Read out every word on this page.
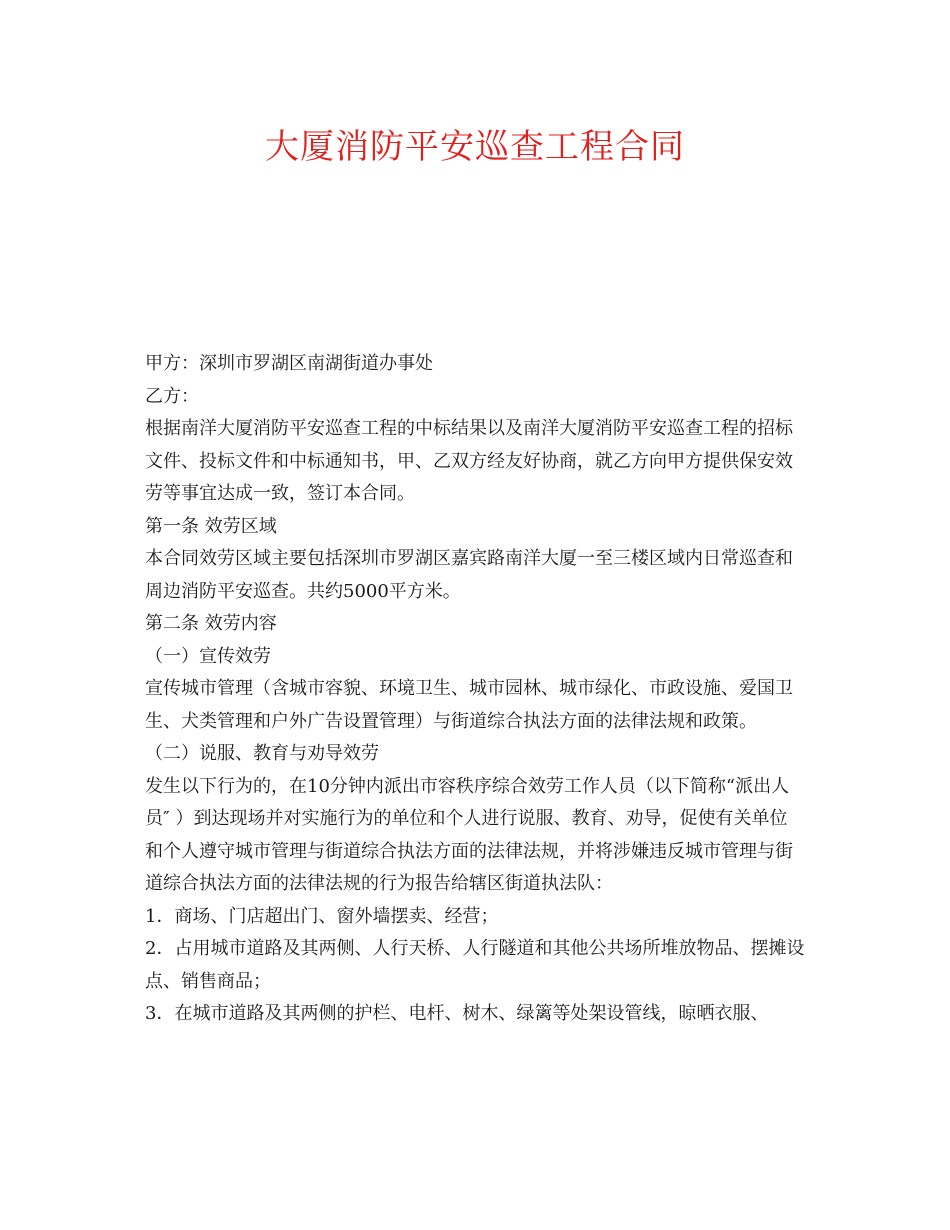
大厦消防平安巡查工程合同

甲方：深圳市罗湖区南湖街道办事处

乙方：

根据南洋大厦消防平安巡查工程的中标结果以及南洋大厦消防平安巡查工程的招标文件、投标文件和中标通知书，甲、乙双方经友好协商，就乙方向甲方提供保安效劳等事宜达成一致，签订本合同。

第一条 效劳区域

本合同效劳区域主要包括深圳市罗湖区嘉宾路南洋大厦一至三楼区域内日常巡查和周边消防平安巡查。共约5000平方米。

第二条 效劳内容

（一）宣传效劳

宣传城市管理（含城市容貌、环境卫生、城市园林、城市绿化、市政设施、爱国卫生、犬类管理和户外广告设置管理）与街道综合执法方面的法律法规和政策。

（二）说服、教育与劝导效劳

发生以下行为的，在10分钟内派出市容秩序综合效劳工作人员（以下简称“派出人员″ ）到达现场并对实施行为的单位和个人进行说服、教育、劝导，促使有关单位和个人遵守城市管理与街道综合执法方面的法律法规，并将涉嫌违反城市管理与街道综合执法方面的法律法规的行为报告给辖区街道执法队：

1．商场、门店超出门、窗外墙摆卖、经营；

2．占用城市道路及其两侧、人行天桥、人行隧道和其他公共场所堆放物品、摆摊设点、销售商品；

3．在城市道路及其两侧的护栏、电杆、树木、绿篱等处架设管线，晾晒衣服、
